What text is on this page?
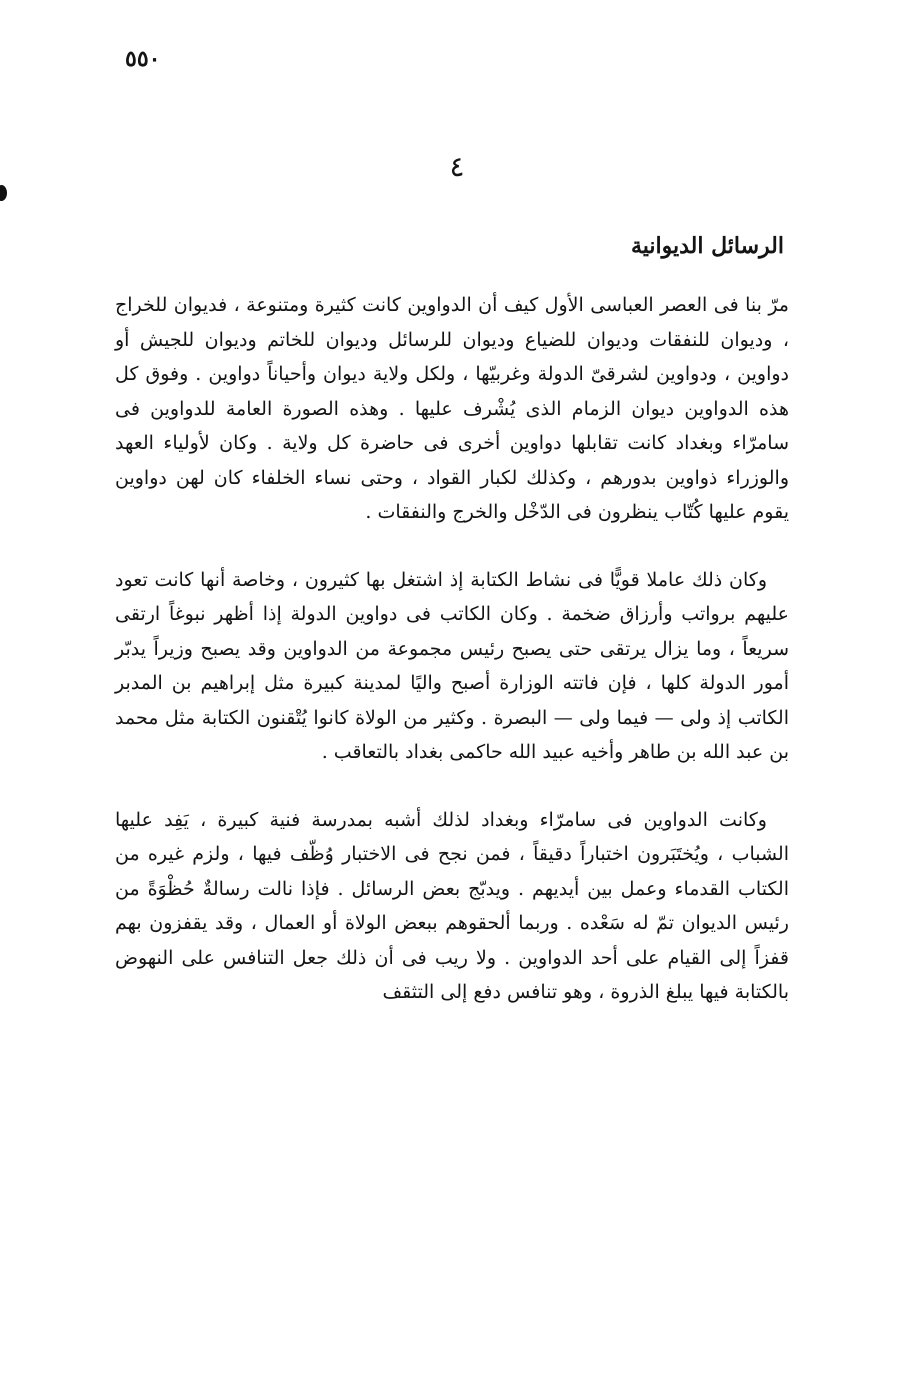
٥٥٠
٤
الرسائل الديوانية

مرّ بنا فى العصر العباسى الأول كيف أن الدواوين كانت كثيرة ومتنوعة ، فديوان للخراج ، وديوان للنفقات وديوان للضياع وديوان للرسائل وديوان للخاتم وديوان للجيش أو دواوين ، ودواوين لشرقىّ الدولة وغربيّها ، ولكل ولاية ديوان وأحياناً دواوين . وفوق كل هذه الدواوين ديوان الزمام الذى يُشْرف عليها . وهذه الصورة العامة للدواوين فى سامرّاء وبغداد كانت تقابلها دواوين أخرى فى حاضرة كل ولاية . وكان لأولياء العهد والوزراء ذواوين بدورهم ، وكذلك لكبار القواد ، وحتى نساء الخلفاء كان لهن دواوين يقوم عليها كُتّاب ينظرون فى الدّخْل والخرج والنفقات .

وكان ذلك عاملا قويًّا فى نشاط الكتابة إذ اشتغل بها كثيرون ، وخاصة أنها كانت تعود عليهم برواتب وأرزاق ضخمة . وكان الكاتب فى دواوين الدولة إذا أظهر نبوغاً ارتقى سريعاً ، وما يزال يرتقى حتى يصبح رئيس مجموعة من الدواوين وقد يصبح وزيراً يدبّر أمور الدولة كلها ، فإن فاتته الوزارة أصبح واليًا لمدينة كبيرة مثل إبراهيم بن المدبر الكاتب إذ ولى — فيما ولى — البصرة . وكثير من الولاة كانوا يُتْقنون الكتابة مثل محمد بن عبد الله بن طاهر وأخيه عبيد الله حاكمى بغداد بالتعاقب .

وكانت الدواوين فى سامرّاء وبغداد لذلك أشبه بمدرسة فنية كبيرة ، يَفِد عليها الشباب ، ويُختَبَرون اختباراً دقيقاً ، فمن نجح فى الاختبار وُظّف فيها ، ولزم غيره من الكتاب القدماء وعمل بين أيديهم . ويدبّج بعض الرسائل . فإذا نالت رسالةٌ حُظْوَةً من رئيس الديوان تمّ له سَعْده . وربما ألحقوهم ببعض الولاة أو العمال ، وقد يقفزون بهم قفزاً إلى القيام على أحد الدواوين . ولا ريب فى أن ذلك جعل التنافس على النهوض بالكتابة فيها يبلغ الذروة ، وهو تنافس دفع إلى التثقف
